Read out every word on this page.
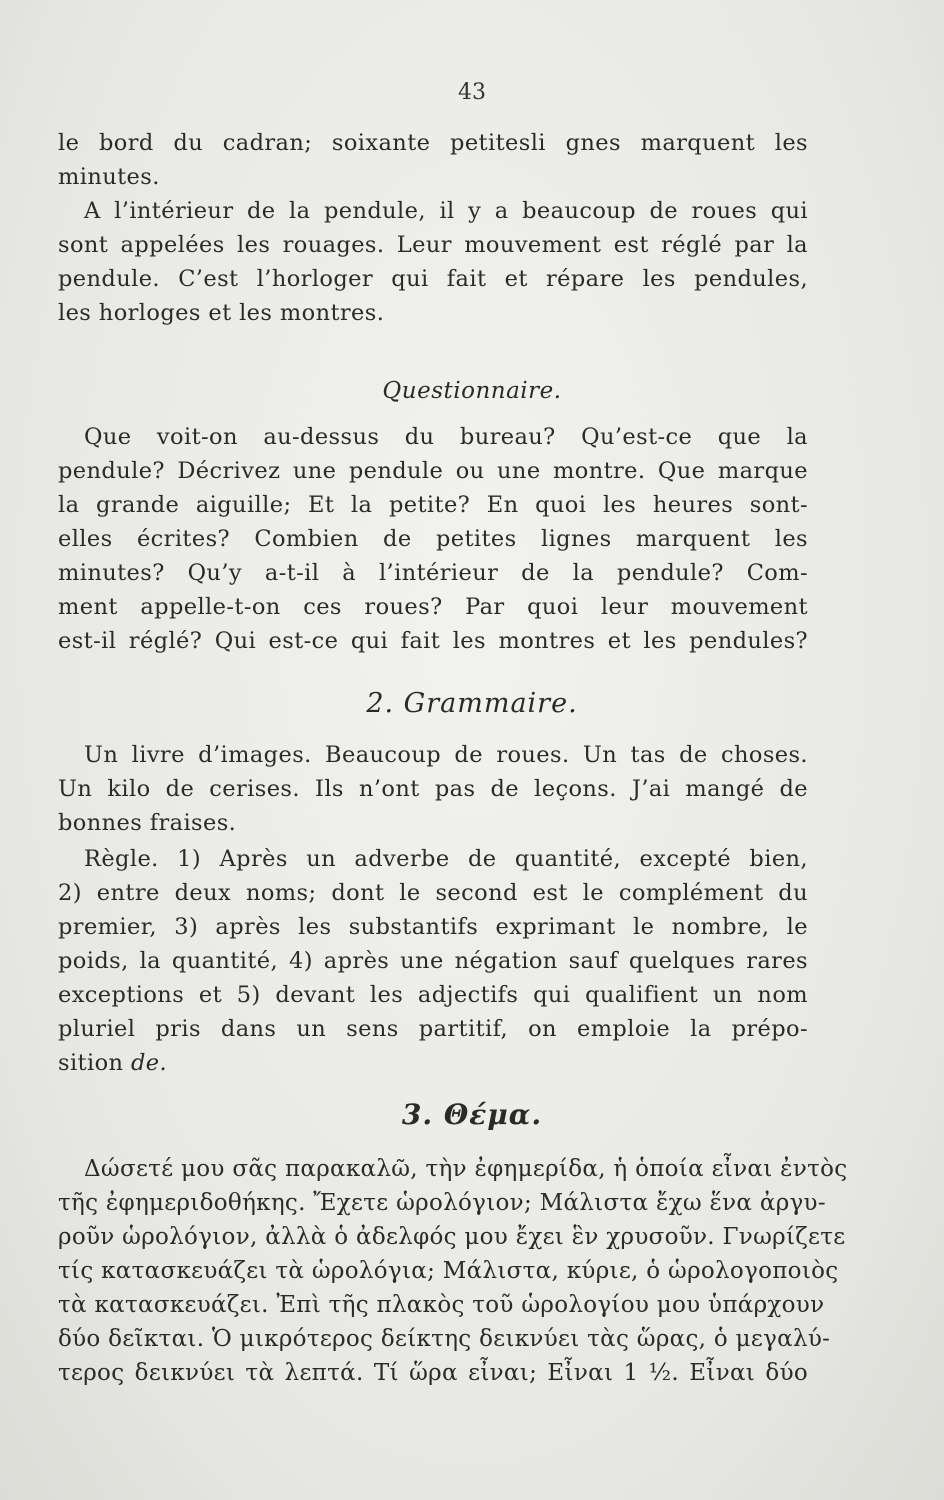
43
le bord du cadran; soixante petitesli gnes marquent les
minutes.
A l’intérieur de la pendule, il y a beaucoup de roues qui
sont appelées les rouages. Leur mouvement est réglé par la
pendule. C’est l’horloger qui fait et répare les pendules,
les horloges et les montres.
Questionnaire.
Que voit-on au-dessus du bureau? Qu’est-ce que la
pendule? Décrivez une pendule ou une montre. Que marque
la grande aiguille; Et la petite? En quoi les heures sont-
elles écrites? Combien de petites lignes marquent les
minutes? Qu’y a-t-il à l’intérieur de la pendule? Com-
ment appelle-t-on ces roues? Par quoi leur mouvement
est-il réglé? Qui est-ce qui fait les montres et les pendules?
2. Grammaire.
Un livre d’images. Beaucoup de roues. Un tas de choses.
Un kilo de cerises. Ils n’ont pas de leçons. J’ai mangé de
bonnes fraises.
Règle. 1) Après un adverbe de quantité, excepté bien,
2) entre deux noms; dont le second est le complément du
premier, 3) après les substantifs exprimant le nombre, le
poids, la quantité, 4) après une négation sauf quelques rares
exceptions et 5) devant les adjectifs qui qualifient un nom
pluriel pris dans un sens partitif, on emploie la prépo-
sition de.
3. Θέμα.
Δώσετέ μου σᾶς παρακαλῶ, τὴν ἐφημερίδα, ἡ ὁποία εἶναι ἐντὸς
τῆς ἐφημεριδοθήκης. Ἔχετε ὡρολόγιον; Μάλιστα ἔχω ἕνα ἀργυ-
ροῦν ὡρολόγιον, ἀλλὰ ὁ ἀδελφός μου ἔχει ἓν χρυσοῦν. Γνωρίζετε
τίς κατασκευάζει τὰ ὡρολόγια; Μάλιστα, κύριε, ὁ ὡρολογοποιὸς
τὰ κατασκευάζει. Ἐπὶ τῆς πλακὸς τοῦ ὡρολογίου μου ὑπάρχουν
δύο δεῖκται. Ὁ μικρότερος δείκτης δεικνύει τὰς ὥρας, ὁ μεγαλύ-
τερος δεικνύει τὰ λεπτά. Τί ὥρα εἶναι; Εἶναι 1 ½. Εἶναι δύο
